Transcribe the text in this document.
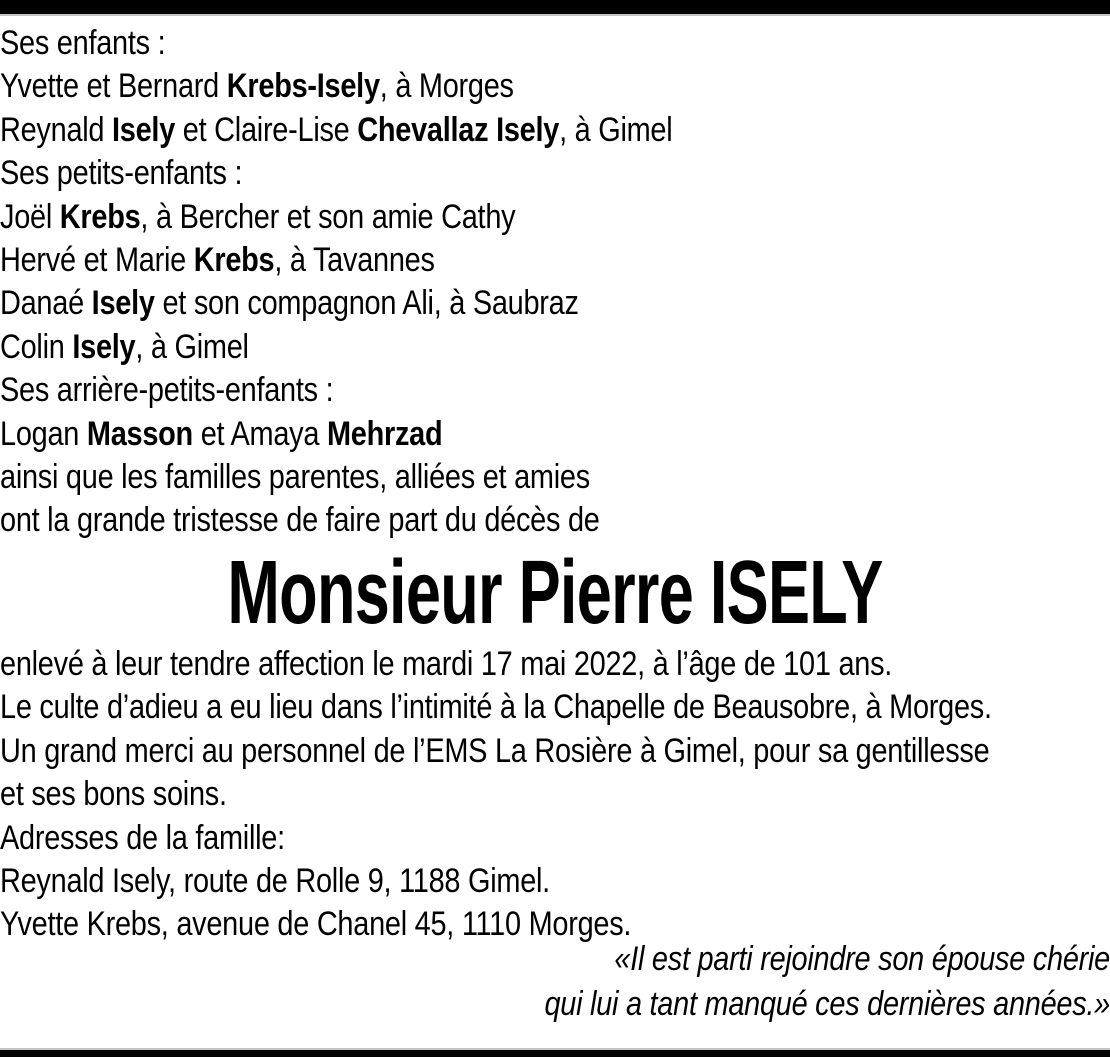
Ses enfants :
Yvette et Bernard Krebs-Isely, à Morges
Reynald Isely et Claire-Lise Chevallaz Isely, à Gimel
Ses petits-enfants :
Joël Krebs, à Bercher et son amie Cathy
Hervé et Marie Krebs, à Tavannes
Danaé Isely et son compagnon Ali, à Saubraz
Colin Isely, à Gimel
Ses arrière-petits-enfants :
Logan Masson et Amaya Mehrzad
ainsi que les familles parentes, alliées et amies
ont la grande tristesse de faire part du décès de
Monsieur Pierre ISELY
enlevé à leur tendre affection le mardi 17 mai 2022, à l’âge de 101 ans.
Le culte d’adieu a eu lieu dans l’intimité à la Chapelle de Beausobre, à Morges.
Un grand merci au personnel de l’EMS La Rosière à Gimel, pour sa gentillesse
et ses bons soins.
Adresses de la famille:
Reynald Isely, route de Rolle 9, 1188 Gimel.
Yvette Krebs, avenue de Chanel 45, 1110 Morges.
«Il est parti rejoindre son épouse chérie
qui lui a tant manqué ces dernières années.»
